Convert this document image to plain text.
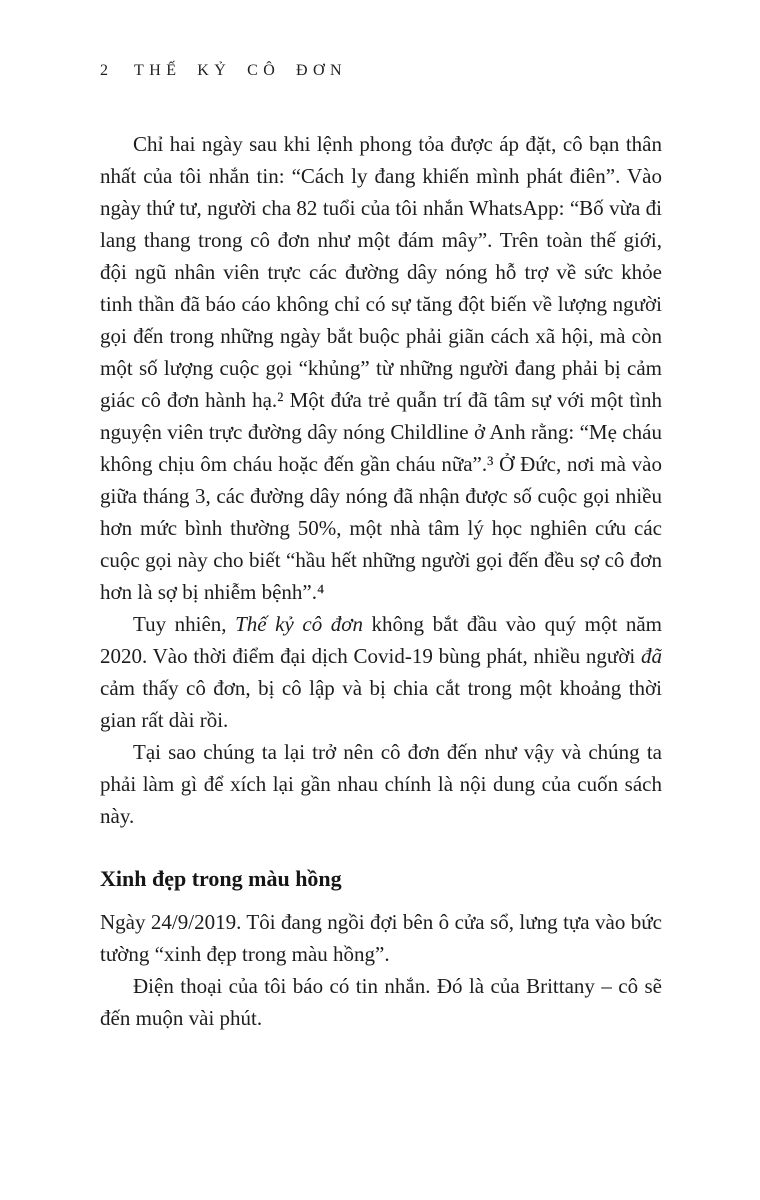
2 THẾ KỶ CÔ ĐƠN

Chỉ hai ngày sau khi lệnh phong tỏa được áp đặt, cô bạn thân nhất của tôi nhắn tin: “Cách ly đang khiến mình phát điên”. Vào ngày thứ tư, người cha 82 tuổi của tôi nhắn WhatsApp: “Bố vừa đi lang thang trong cô đơn như một đám mây”. Trên toàn thế giới, đội ngũ nhân viên trực các đường dây nóng hỗ trợ về sức khỏe tinh thần đã báo cáo không chỉ có sự tăng đột biến về lượng người gọi đến trong những ngày bắt buộc phải giãn cách xã hội, mà còn một số lượng cuộc gọi “khủng” từ những người đang phải bị cảm giác cô đơn hành hạ.² Một đứa trẻ quẫn trí đã tâm sự với một tình nguyện viên trực đường dây nóng Childline ở Anh rằng: “Mẹ cháu không chịu ôm cháu hoặc đến gần cháu nữa”.³ Ở Đức, nơi mà vào giữa tháng 3, các đường dây nóng đã nhận được số cuộc gọi nhiều hơn mức bình thường 50%, một nhà tâm lý học nghiên cứu các cuộc gọi này cho biết “hầu hết những người gọi đến đều sợ cô đơn hơn là sợ bị nhiễm bệnh”.⁴

Tuy nhiên, Thế kỷ cô đơn không bắt đầu vào quý một năm 2020. Vào thời điểm đại dịch Covid-19 bùng phát, nhiều người đã cảm thấy cô đơn, bị cô lập và bị chia cắt trong một khoảng thời gian rất dài rồi.

Tại sao chúng ta lại trở nên cô đơn đến như vậy và chúng ta phải làm gì để xích lại gần nhau chính là nội dung của cuốn sách này.

Xinh đẹp trong màu hồng

Ngày 24/9/2019. Tôi đang ngồi đợi bên ô cửa sổ, lưng tựa vào bức tường “xinh đẹp trong màu hồng”.

Điện thoại của tôi báo có tin nhắn. Đó là của Brittany – cô sẽ đến muộn vài phút.
